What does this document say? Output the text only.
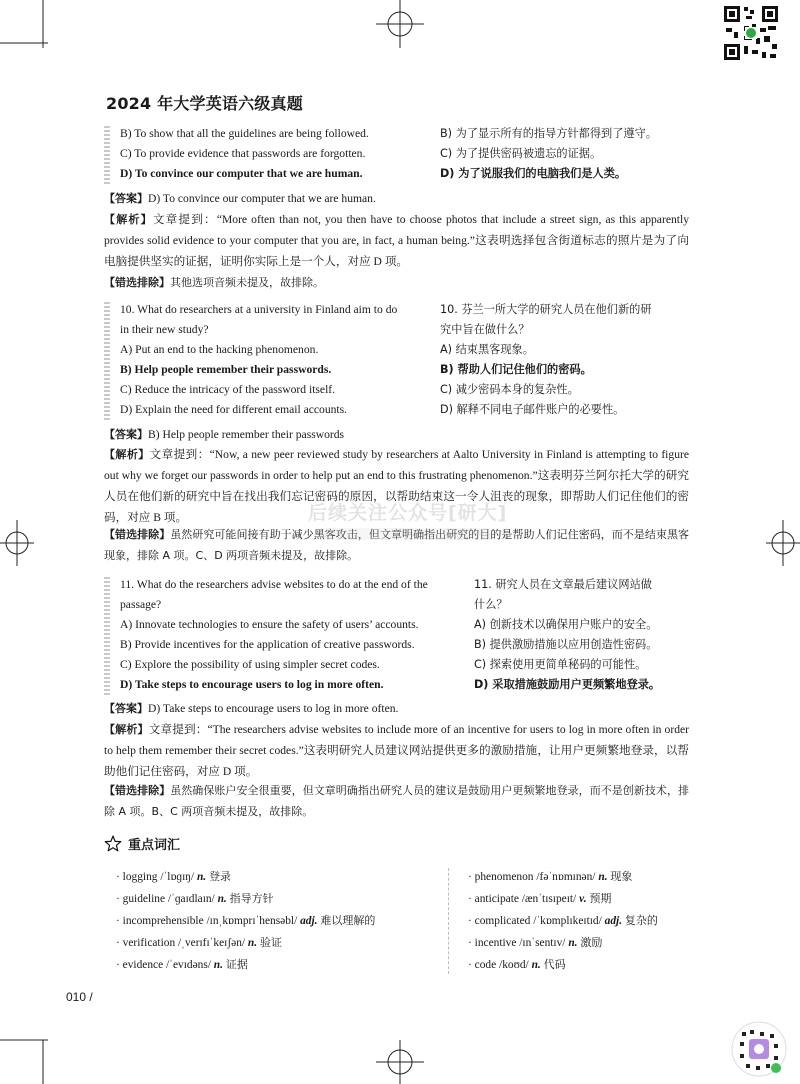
2024 年大学英语六级真题
B) To show that all the guidelines are being followed.
C) To provide evidence that passwords are forgotten.
D) To convince our computer that we are human.
B) 为了显示所有的指导方针都得到了遵守。
C) 为了提供密码被遗忘的证据。
D) 为了说服我们的电脑我们是人类。
【答案】D) To convince our computer that we are human.
【解析】文章提到：“More often than not, you then have to choose photos that include a street sign, as this apparently provides solid evidence to your computer that you are, in fact, a human being.”这表明选择包含街道标志的照片是为了向电脑提供坚实的证据，证明你实际上是一个人，对应 D 项。
【错选排除】其他选项音频未提及，故排除。
10. What do researchers at a university in Finland aim to do
in their new study?
A) Put an end to the hacking phenomenon.
B) Help people remember their passwords.
C) Reduce the intricacy of the password itself.
D) Explain the need for different email accounts.
10. 芬兰一所大学的研究人员在他们新的研
究中旨在做什么？
A) 结束黑客现象。
B) 帮助人们记住他们的密码。
C) 减少密码本身的复杂性。
D) 解释不同电子邮件账户的必要性。
【答案】B) Help people remember their passwords
【解析】文章提到：“Now, a new peer reviewed study by researchers at Aalto University in Finland is attempting to figure out why we forget our passwords in order to help put an end to this frustrating phenomenon.”这表明芬兰阿尔托大学的研究人员在他们新的研究中旨在找出我们忘记密码的原因，以帮助结束这一令人沮丧的现象，即帮助人们记住他们的密码，对应 B 项。
【错选排除】虽然研究可能间接有助于减少黑客攻击，但文章明确指出研究的目的是帮助人们记住密码，而不是结束黑客现象，排除 A 项。C、D 两项音频未提及，故排除。
后续关注公众号[研大]
11. What do the researchers advise websites to do at the end of the
passage?
A) Innovate technologies to ensure the safety of users’ accounts.
B) Provide incentives for the application of creative passwords.
C) Explore the possibility of using simpler secret codes.
D) Take steps to encourage users to log in more often.
11. 研究人员在文章最后建议网站做
什么？
A) 创新技术以确保用户账户的安全。
B) 提供激励措施以应用创造性密码。
C) 探索使用更简单秘码的可能性。
D) 采取措施鼓励用户更频繁地登录。
【答案】D) Take steps to encourage users to log in more often.
【解析】文章提到：“The researchers advise websites to include more of an incentive for users to log in more often in order to help them remember their secret codes.”这表明研究人员建议网站提供更多的激励措施，让用户更频繁地登录，以帮助他们记住密码，对应 D 项。
【错选排除】虽然确保账户安全很重要，但文章明确指出研究人员的建议是鼓励用户更频繁地登录，而不是创新技术，排除 A 项。B、C 两项音频未提及，故排除。
重点词汇
· logging /ˈlɒɡɪŋ/ n. 登录
· guideline /ˈɡaɪdlaɪn/ n. 指导方针
· incomprehensible /ɪnˌkɒmprɪˈhensəbl/ adj. 难以理解的
· verification /ˌverɪfɪˈkeɪʃən/ n. 验证
· evidence /ˈevɪdəns/ n. 证据
· phenomenon /fəˈnɒmɪnən/ n. 现象
· anticipate /ænˈtɪsɪpeɪt/ v. 预期
· complicated /ˈkɒmplɪkeɪtɪd/ adj. 复杂的
· incentive /ɪnˈsentɪv/ n. 激励
· code /koʊd/ n. 代码
010 /
